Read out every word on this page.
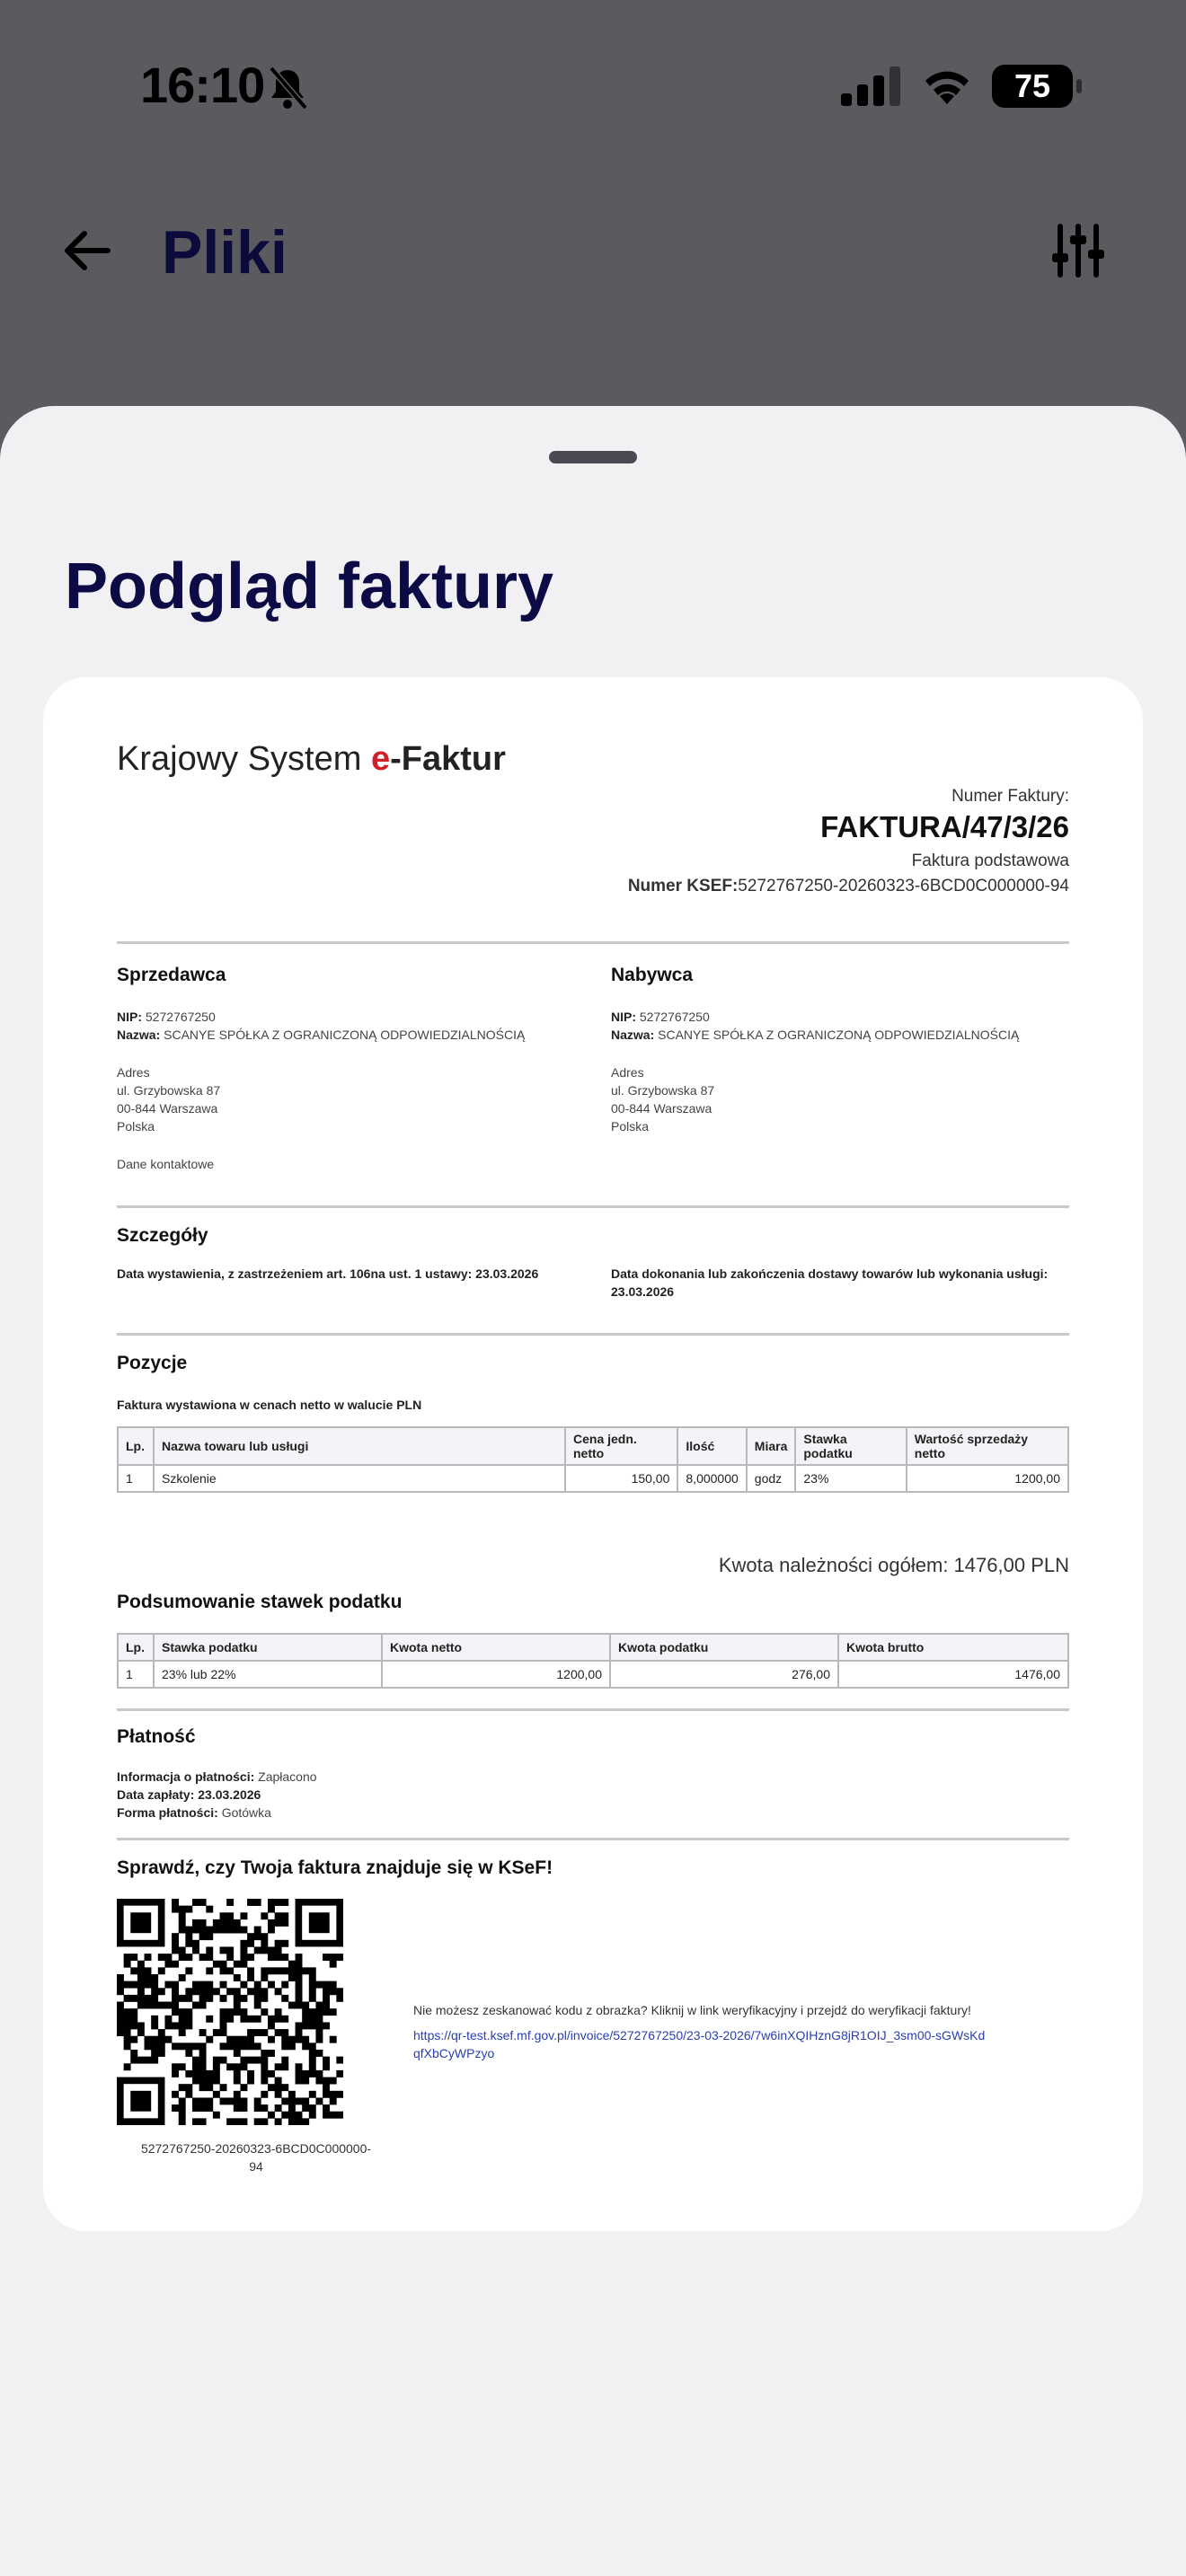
16:10	75
Pliki
Podgląd faktury
Krajowy System e-Faktur
Numer Faktury:
FAKTURA/47/3/26
Faktura podstawowa
Numer KSEF:5272767250-20260323-6BCD0C000000-94
Sprzedawca
NIP: 5272767250
Nazwa: SCANYE SPÓŁKA Z OGRANICZONĄ ODPOWIEDZIALNOŚCIĄ
Adres
ul. Grzybowska 87
00-844 Warszawa
Polska
Dane kontaktowe
Nabywca
NIP: 5272767250
Nazwa: SCANYE SPÓŁKA Z OGRANICZONĄ ODPOWIEDZIALNOŚCIĄ
Adres
ul. Grzybowska 87
00-844 Warszawa
Polska
Szczegóły
Data wystawienia, z zastrzeżeniem art. 106na ust. 1 ustawy: 23.03.2026	Data dokonania lub zakończenia dostawy towarów lub wykonania usługi:
23.03.2026
Pozycje
Faktura wystawiona w cenach netto w walucie PLN
Lp.	Nazwa towaru lub usługi	Cena jedn. netto	Ilość	Miara	Stawka podatku	Wartość sprzedaży netto
1	Szkolenie	150,00	8,000000	godz	23%	1200,00
Kwota należności ogółem: 1476,00 PLN
Podsumowanie stawek podatku
Lp.	Stawka podatku	Kwota netto	Kwota podatku	Kwota brutto
1	23% lub 22%	1200,00	276,00	1476,00
Płatność
Informacja o płatności: Zapłacono
Data zapłaty: 23.03.2026
Forma płatności: Gotówka
Sprawdź, czy Twoja faktura znajduje się w KSeF!
5272767250-20260323-6BCD0C000000-
94
Nie możesz zeskanować kodu z obrazka? Kliknij w link weryfikacyjny i przejdź do weryfikacji faktury!
https://qr-test.ksef.mf.gov.pl/invoice/5272767250/23-03-2026/7w6inXQIHznG8jR1OIJ_3sm00-sGWsKdqfXbCyWPzyo
